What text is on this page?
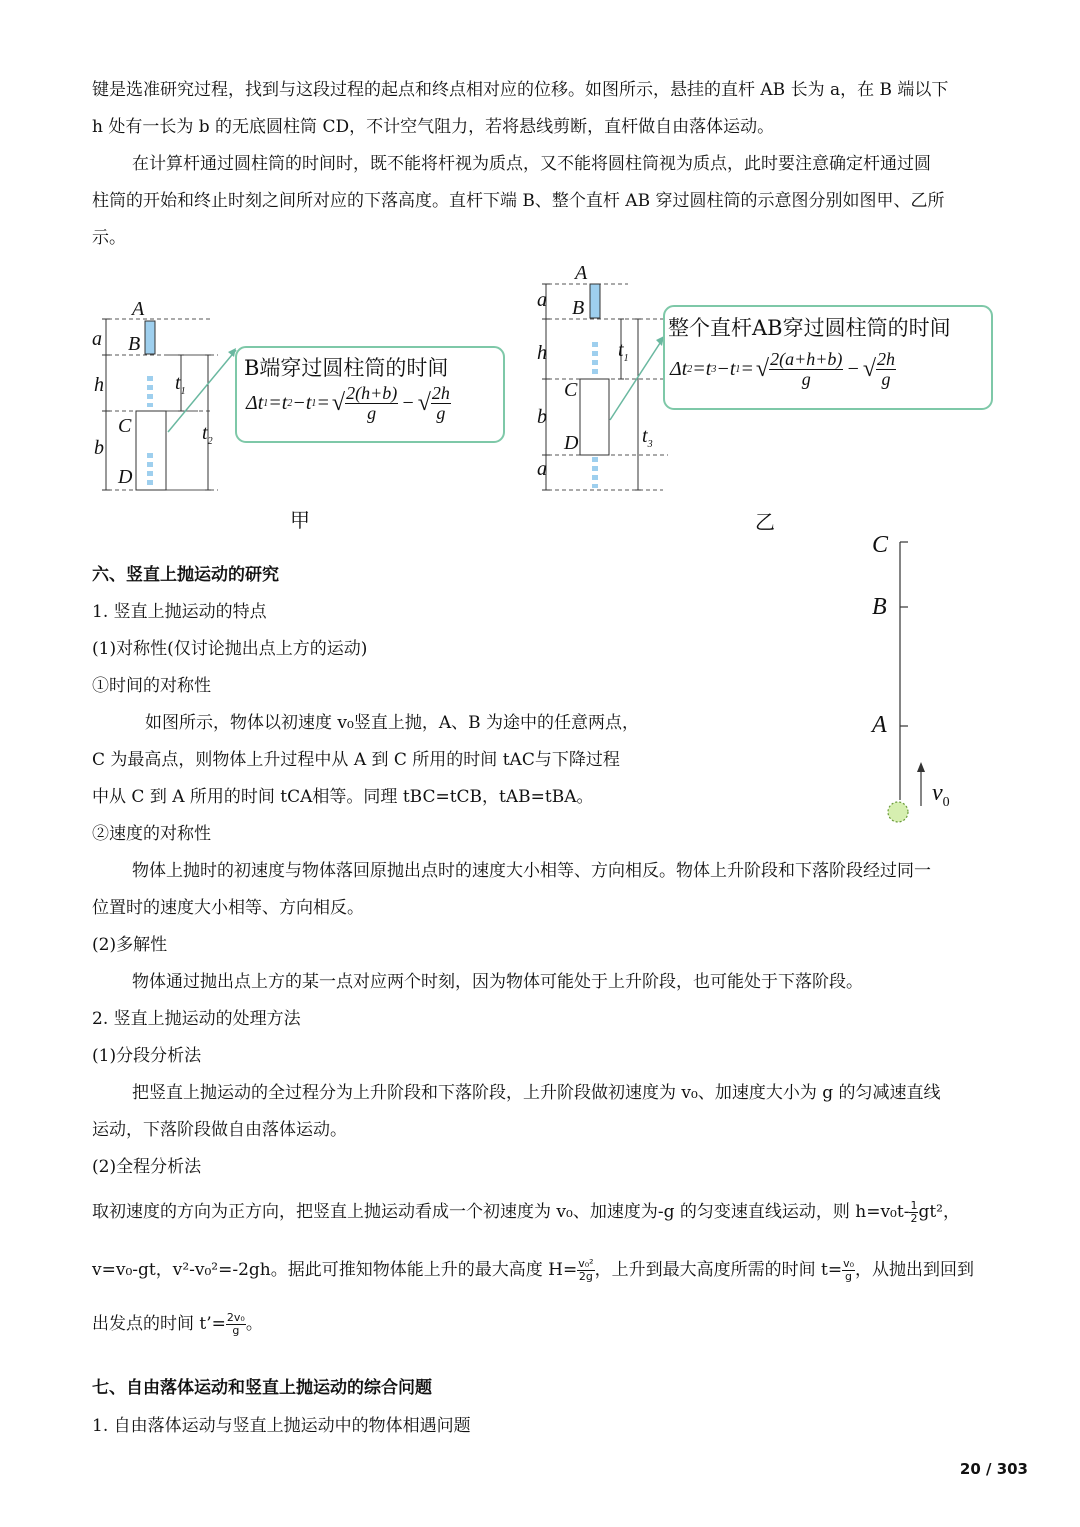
键是选准研究过程，找到与这段过程的起点和终点相对应的位移。如图所示，悬挂的直杆 AB 长为 a，在 B 端以下
h 处有一长为 b 的无底圆柱筒 CD，不计空气阻力，若将悬线剪断，直杆做自由落体运动。
在计算杆通过圆柱筒的时间时，既不能将杆视为质点，又不能将圆柱筒视为质点，此时要注意确定杆通过圆
柱筒的开始和终止时刻之间所对应的下落高度。直杆下端 B、整个直杆 AB 穿过圆柱筒的示意图分别如图甲、乙所
示。
A
B
a
h
b
C
D
$t_1$
$t_2$
B端穿过圆柱筒的时间
Δt 1 =t 2 −t 1 = √ $\frac{2(h+b)}{g}$ − √ $\frac{2h}{g}$
甲
A
B
a
h
b
a
C
D
$t_1$
$t_3$
整个直杆AB穿过圆柱筒的时间
Δt 2 =t 3 −t 1 = √ $\frac{2(a+h+b)}{g}$ − √ $\frac{2h}{g}$
乙
C
B
A
$v_0$
六、竖直上抛运动的研究
1. 竖直上抛运动的特点
(1)对称性(仅讨论抛出点上方的运动)
①时间的对称性
如图所示，物体以初速度 v₀竖直上抛，A、B 为途中的任意两点，
C 为最高点，则物体上升过程中从 A 到 C 所用的时间 tAC与下降过程
中从 C 到 A 所用的时间 tCA相等。同理 tBC=tCB，tAB=tBA。
②速度的对称性
物体上抛时的初速度与物体落回原抛出点时的速度大小相等、方向相反。物体上升阶段和下落阶段经过同一
位置时的速度大小相等、方向相反。
(2)多解性
物体通过抛出点上方的某一点对应两个时刻，因为物体可能处于上升阶段，也可能处于下落阶段。
2. 竖直上抛运动的处理方法
(1)分段分析法
把竖直上抛运动的全过程分为上升阶段和下落阶段，上升阶段做初速度为 v₀、加速度大小为 g 的匀减速直线
运动，下落阶段做自由落体运动。
(2)全程分析法
取初速度的方向为正方向，把竖直上抛运动看成一个初速度为 v₀、加速度为-g 的匀变速直线运动，则 $h=v_0t- \frac{1}{2} gt^2$，
v=v₀-gt，v²- v₀² =-2gh。据此可推知物体能上升的最大高度 $H= \frac{\text{v₀²}}{2g}$ ，上升到最大高度所需的时间 $t= \frac{\text{v₀}}{g}$ ，从抛出到回到
出发点的时间 t’= $\frac{\text{2v₀}}{g}$ 。
七、自由落体运动和竖直上抛运动的综合问题
1. 自由落体运动与竖直上抛运动中的物体相遇问题
20 / 303
